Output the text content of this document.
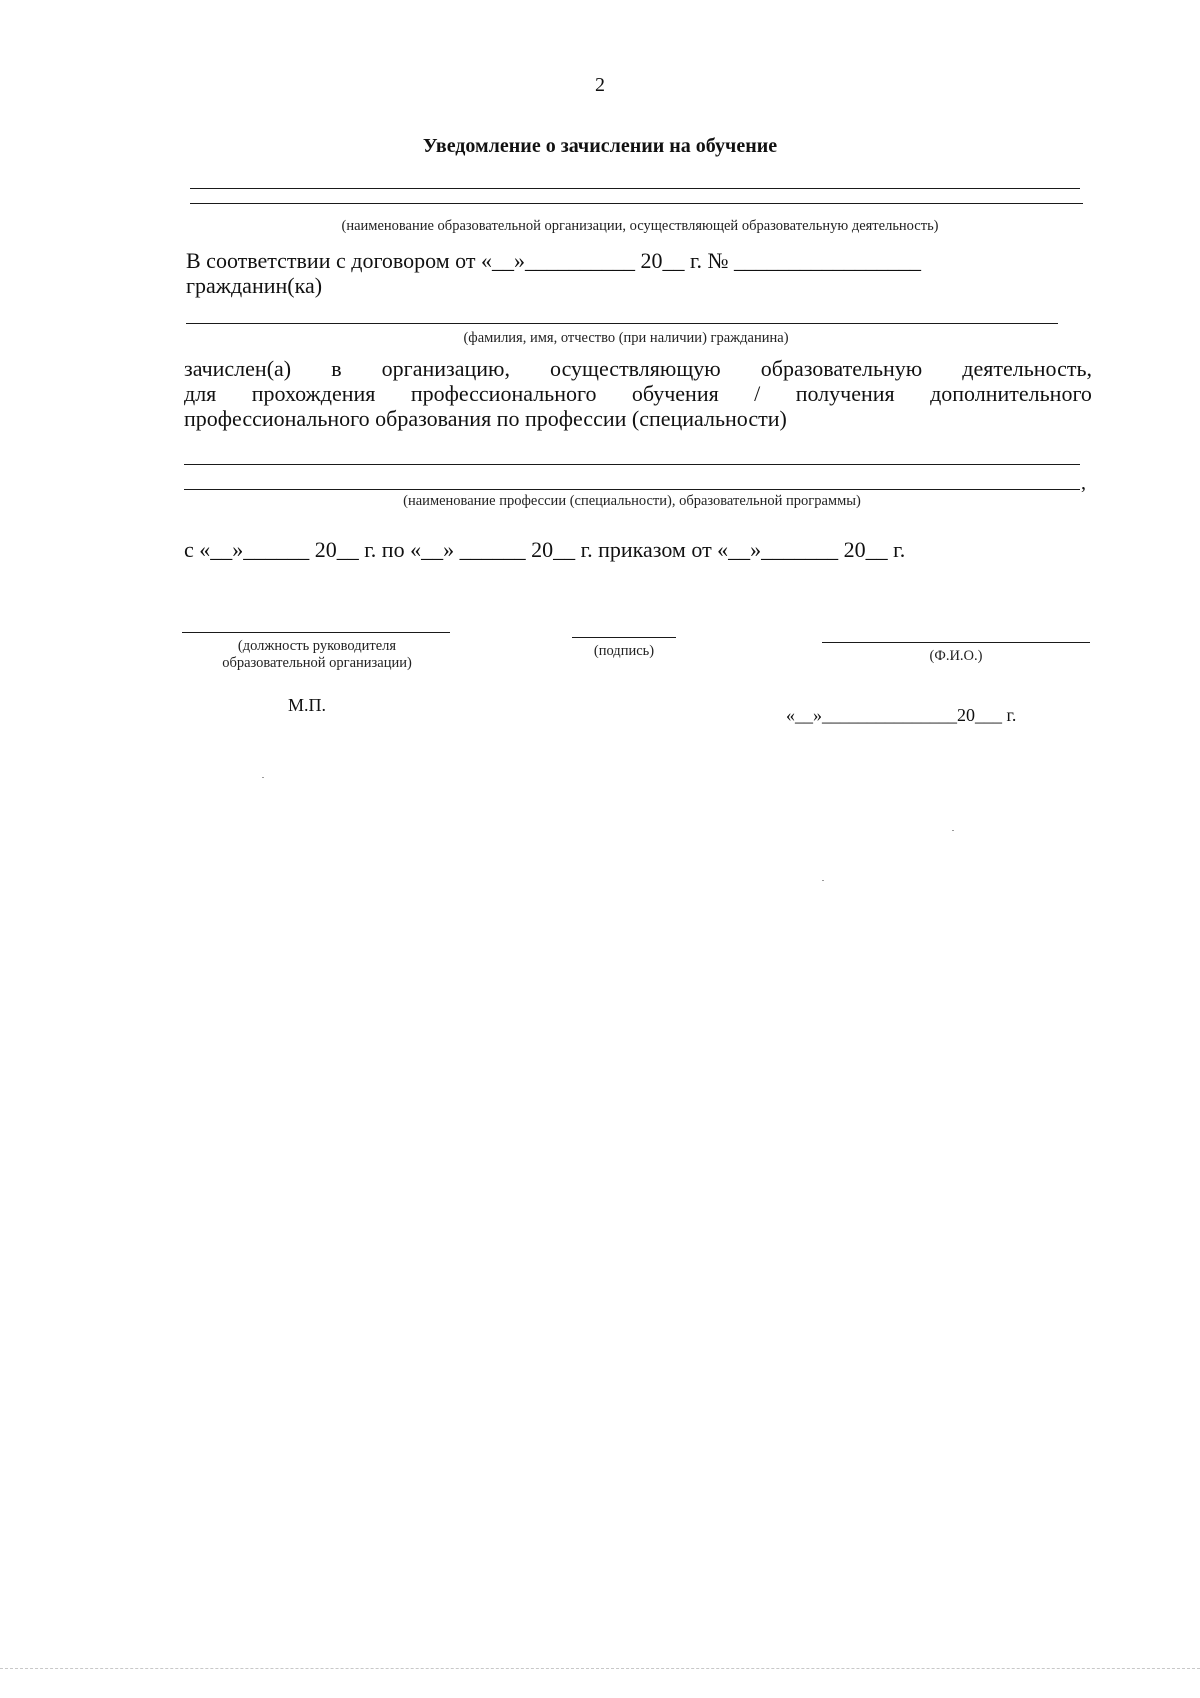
2
Уведомление о зачислении на обучение
(наименование образовательной организации, осуществляющей образовательную деятельность)
В соответствии с договором от «__»__________ 20__ г. № _________________
гражданин(ка)
(фамилия, имя, отчество (при наличии) гражданина)
зачислен(а) в организацию, осуществляющую образовательную деятельность,
для прохождения профессионального обучения / получения дополнительного
профессионального образования по профессии (специальности)
,
(наименование профессии (специальности), образовательной программы)
с «__»______ 20__ г. по «__» ______ 20__ г. приказом от «__»_______ 20__ г.
(должность руководителя
образовательной организации)
(подпись)	(Ф.И.О.)
М.П.	«__»_______________20___ г.
